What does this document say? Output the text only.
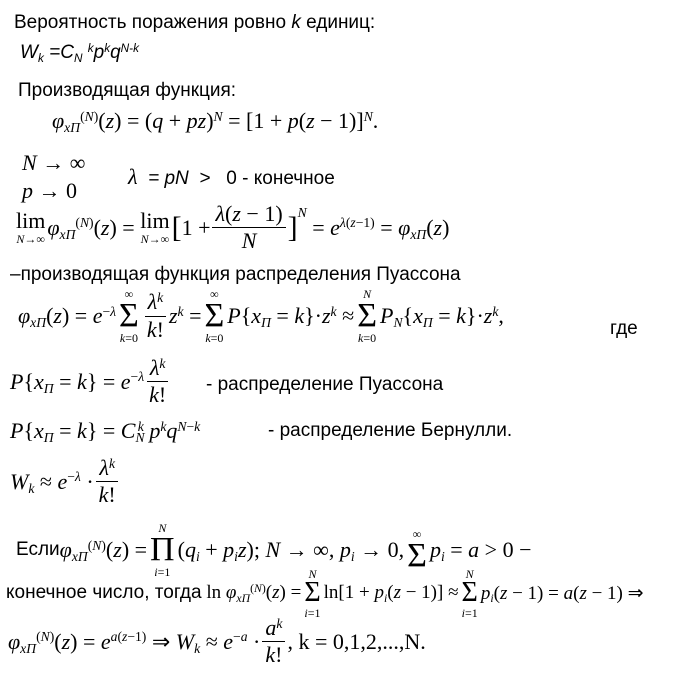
Вероятность поражения ровно k единиц:
$W_k =C_N$ $^kp^kq^{N-k}$
Производящая функция:
$\varphi_{xП}^{(N)}(z) = (q + pz)^N = [1 + p(z - 1)]^N$.
N → ∞
λ  = pN  > 0 - конечное
p → 0
lim
N→∞ $\varphi_{xП}^{(N)}(z) = \lim$
N→∞ [ $1 + \frac{\lambda(z - 1)}{N}$ ] $^N$
= $e^{\lambda(z-1)} = \varphi_{xП}(z)$
–производящая функция распределения Пуассона
$\varphi_{xП}(z) = e^{-\lambda}$
∞
Σ
$k=0 \frac{\lambda^k}{k!} z^k$ =
∞
Σ
k=0
$P\{x_П = k\}\cdot z^k$ ≈
N
Σ
k=0
$P_N\{x_П = k\}\cdot z^k$,
где
$P\{x_П = k\} = e^{-\lambda} \frac{\lambda^k}{k!}$ - распределение Пуассона
$P\{x_П = k\} = C_N^k$ $p^kq^{N-k}$	- распределение Бернулли.
$W_k \approx e^{-\lambda} \cdot \frac{\lambda^k}{k!}$
Если $\varphi_{xП}^{(N)}(z)$ =
N
Π
i=1
$(q_i + p_iz)$; N → ∞, $p_i \to 0$,
∞
Σ $p_i = a > 0$ −
конечное число, тогда $\ln \varphi_{xП}^{(N)}(z)$ =
N
Σ
i=1
$\ln[1 + p_i(z - 1)]$ ≈
N
Σ
i=1
$p_i(z - 1) = a(z - 1)$ ⇒
$\varphi_{xП}^{(N)}(z) = e^{a(z-1)}$ ⇒ $W_k \approx e^{-a} \cdot \frac{a^k}{k!}$ , k = 0,1,2,...,N.
